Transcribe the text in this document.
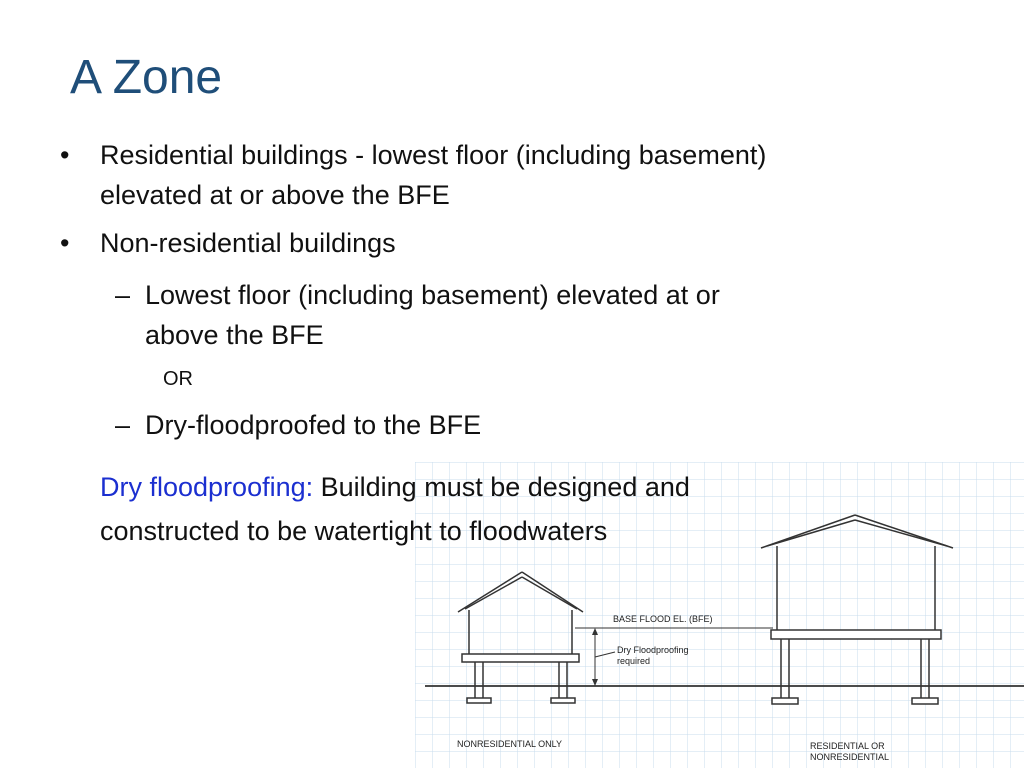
A Zone
• Residential buildings - lowest floor (including basement)
elevated at or above the BFE
• Non-residential buildings
– Lowest floor (including basement) elevated at or
above the BFE
OR
– Dry-floodproofed to the BFE
BASE FLOOD EL. (BFE)
Dry Floodproofing
required
NONRESIDENTIAL ONLY	RESIDENTIAL OR
NONRESIDENTIAL
Dry floodproofing: Building must be designed and
constructed to be watertight to floodwaters
